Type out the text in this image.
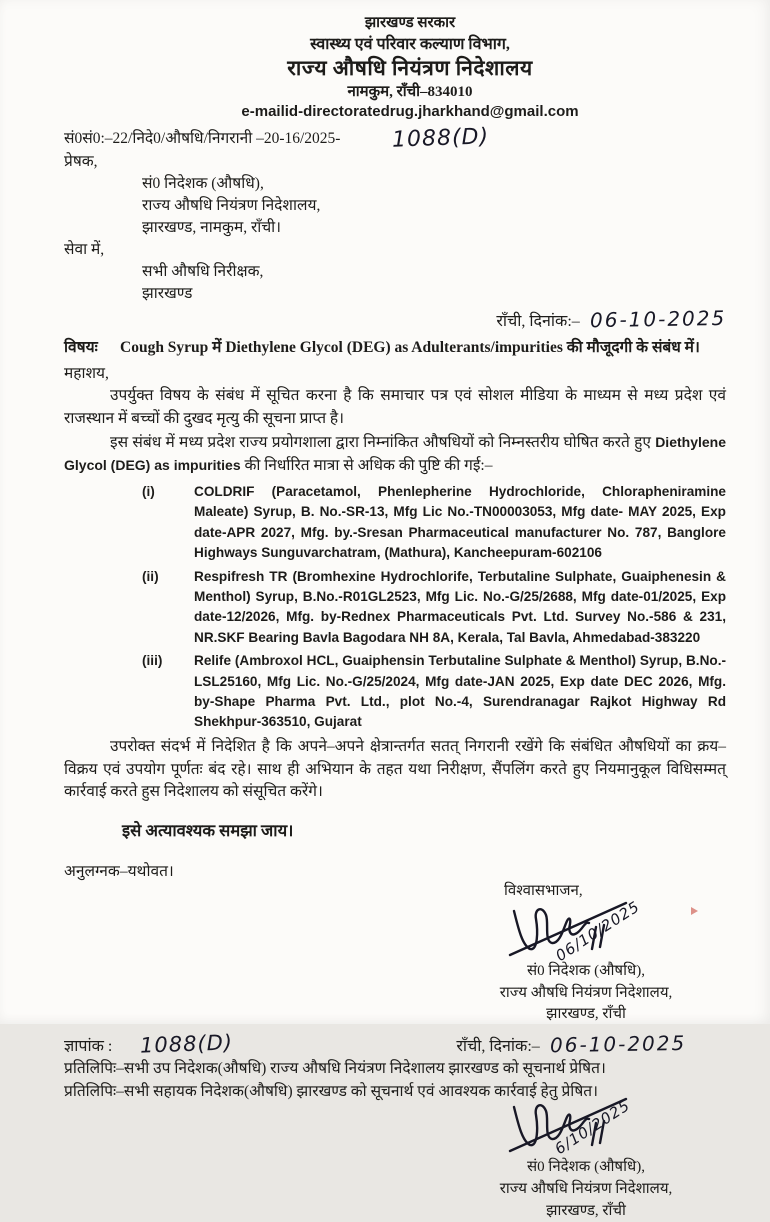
झारखण्ड सरकार
स्वास्थ्य एवं परिवार कल्याण विभाग,
राज्य औषधि नियंत्रण निदेशालय
नामकुम, राँची–834010
e-mailid-directoratedrug.jharkhand@gmail.com
सं0सं0:–22/निदे0/औषधि/निगरानी –20-16/2025- 1088(D)
प्रेषक,
सं0 निदेशक (औषधि),
राज्य औषधि नियंत्रण निदेशालय,
झारखण्ड, नामकुम, राँची।
सेवा में,
सभी औषधि निरीक्षक,
झारखण्ड
राँची, दिनांक:– 06-10-2025
विषयः	Cough Syrup में Diethylene Glycol (DEG) as Adulterants/impurities की मौजूदगी के संबंध में।
महाशय,
उपर्युक्त विषय के संबंध में सूचित करना है कि समाचार पत्र एवं सोशल मीडिया के माध्यम से मध्य प्रदेश एवं राजस्थान में बच्चों की दुखद मृत्यु की सूचना प्राप्त है।
इस संबंध में मध्य प्रदेश राज्य प्रयोगशाला द्वारा निम्नांकित औषधियों को निम्नस्तरीय घोषित करते हुए Diethylene Glycol (DEG) as impurities की निर्धारित मात्रा से अधिक की पुष्टि की गई:–
(i)	COLDRIF (Paracetamol, Phenlepherine Hydrochloride, Chlorapheniramine Maleate) Syrup, B. No.-SR-13, Mfg Lic No.-TN00003053, Mfg date- MAY 2025, Exp date-APR 2027, Mfg. by.-Sresan Pharmaceutical manufacturer No. 787, Banglore Highways Sunguvarchatram, (Mathura), Kancheepuram-602106
(ii)	Respifresh TR (Bromhexine Hydrochlorife, Terbutaline Sulphate, Guaiphenesin & Menthol) Syrup, B.No.-R01GL2523, Mfg Lic. No.-G/25/2688, Mfg date-01/2025, Exp date-12/2026, Mfg. by-Rednex Pharmaceuticals Pvt. Ltd. Survey No.-586 & 231, NR.SKF Bearing Bavla Bagodara NH 8A, Kerala, Tal Bavla, Ahmedabad-383220
(iii)	Relife (Ambroxol HCL, Guaiphensin Terbutaline Sulphate & Menthol) Syrup, B.No.-LSL25160, Mfg Lic. No.-G/25/2024, Mfg date-JAN 2025, Exp date DEC 2026, Mfg. by-Shape Pharma Pvt. Ltd., plot No.-4, Surendranagar Rajkot Highway Rd Shekhpur-363510, Gujarat
उपरोक्त संदर्भ में निदेशित है कि अपने–अपने क्षेत्रान्तर्गत सतत् निगरानी रखेंगे कि संबंधित औषधियों का क्रय–विक्रय एवं उपयोग पूर्णतः बंद रहे। साथ ही अभियान के तहत यथा निरीक्षण, सैंपलिंग करते हुए नियमानुकूल विधिसम्मत् कार्रवाई करते हुस निदेशालय को संसूचित करेंगे।
इसे अत्यावश्यक समझा जाय।
अनुलग्नक–यथोवत।
विश्वासभाजन,
06/10/2025
सं0 निदेशक (औषधि),
राज्य औषधि नियंत्रण निदेशालय,
झारखण्ड, राँची
ज्ञापांक : 1088(D)	राँची, दिनांक:– 06-10-2025
प्रतिलिपिः–सभी उप निदेशक(औषधि) राज्य औषधि नियंत्रण निदेशालय झारखण्ड को सूचनार्थ प्रेषित।
प्रतिलिपिः–सभी सहायक निदेशक(औषधि) झारखण्ड को सूचनार्थ एवं आवश्यक कार्रवाई हेतु प्रेषित।
6/10/2025
सं0 निदेशक (औषधि),
राज्य औषधि नियंत्रण निदेशालय,
झारखण्ड, राँची
